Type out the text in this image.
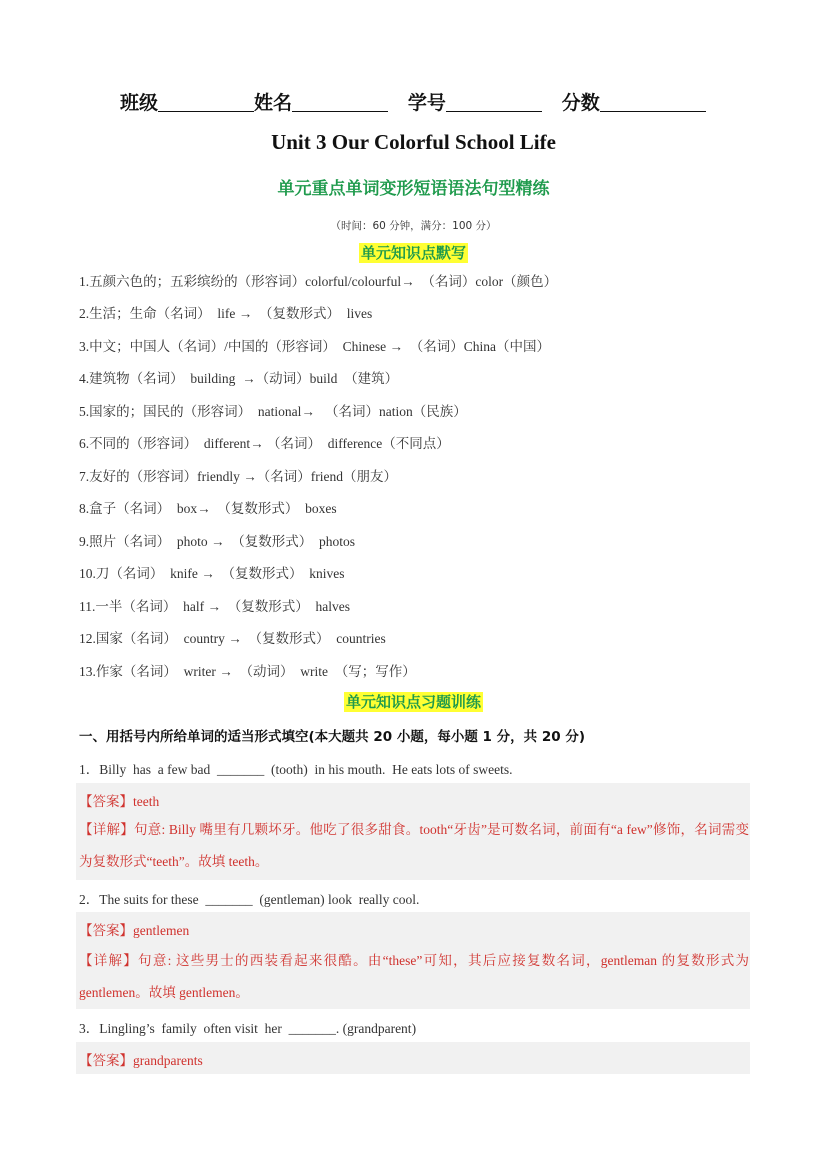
班级	姓名	学号	分数
Unit 3 Our Colorful School Life
单元重点单词变形短语语法句型精练
（时间：60 分钟，满分：100 分）
单元知识点默写
1.五颜六色的；五彩缤纷的（形容词）colorful/colourful→  （名词）color（颜色）
2.生活；生命（名词）  life →  （复数形式）  lives
3.中文；中国人（名词）/中国的（形容词）  Chinese →  （名词）China（中国）
4.建筑物（名词）  building  →（动词）build  （建筑）
5.国家的；国民的（形容词）  national→   （名词）nation（民族）
6.不同的（形容词）  different→ （名词）  difference（不同点）
7.友好的（形容词）friendly →（名词）friend（朋友）
8.盒子（名词）  box→  （复数形式）  boxes
9.照片（名词）  photo →  （复数形式）  photos
10.刀（名词）  knife →  （复数形式）  knives
11.一半（名词）  half →  （复数形式）  halves
12.国家（名词）  country →  （复数形式）  countries
13.作家（名词）  writer →  （动词）  write  （写；写作）
单元知识点习题训练
一、用括号内所给单词的适当形式填空(本大题共 20 小题，每小题 1 分，共 20 分)
1．Billy  has  a few bad  _______  (tooth)  in his mouth.  He eats lots of sweets.
【答案】teeth
【详解】句意: Billy 嘴里有几颗坏牙。他吃了很多甜食。tooth“牙齿”是可数名词，前面有“a few”修饰，名词需变为复数形式“teeth”。故填 teeth。
2．The suits for these  _______  (gentleman) look  really cool.
【答案】gentlemen
【详解】句意: 这些男士的西装看起来很酷。由“these”可知，其后应接复数名词，gentleman 的复数形式为 gentlemen。故填 gentlemen。
3．Lingling’s  family  often visit  her  _______. (grandparent)
【答案】grandparents
